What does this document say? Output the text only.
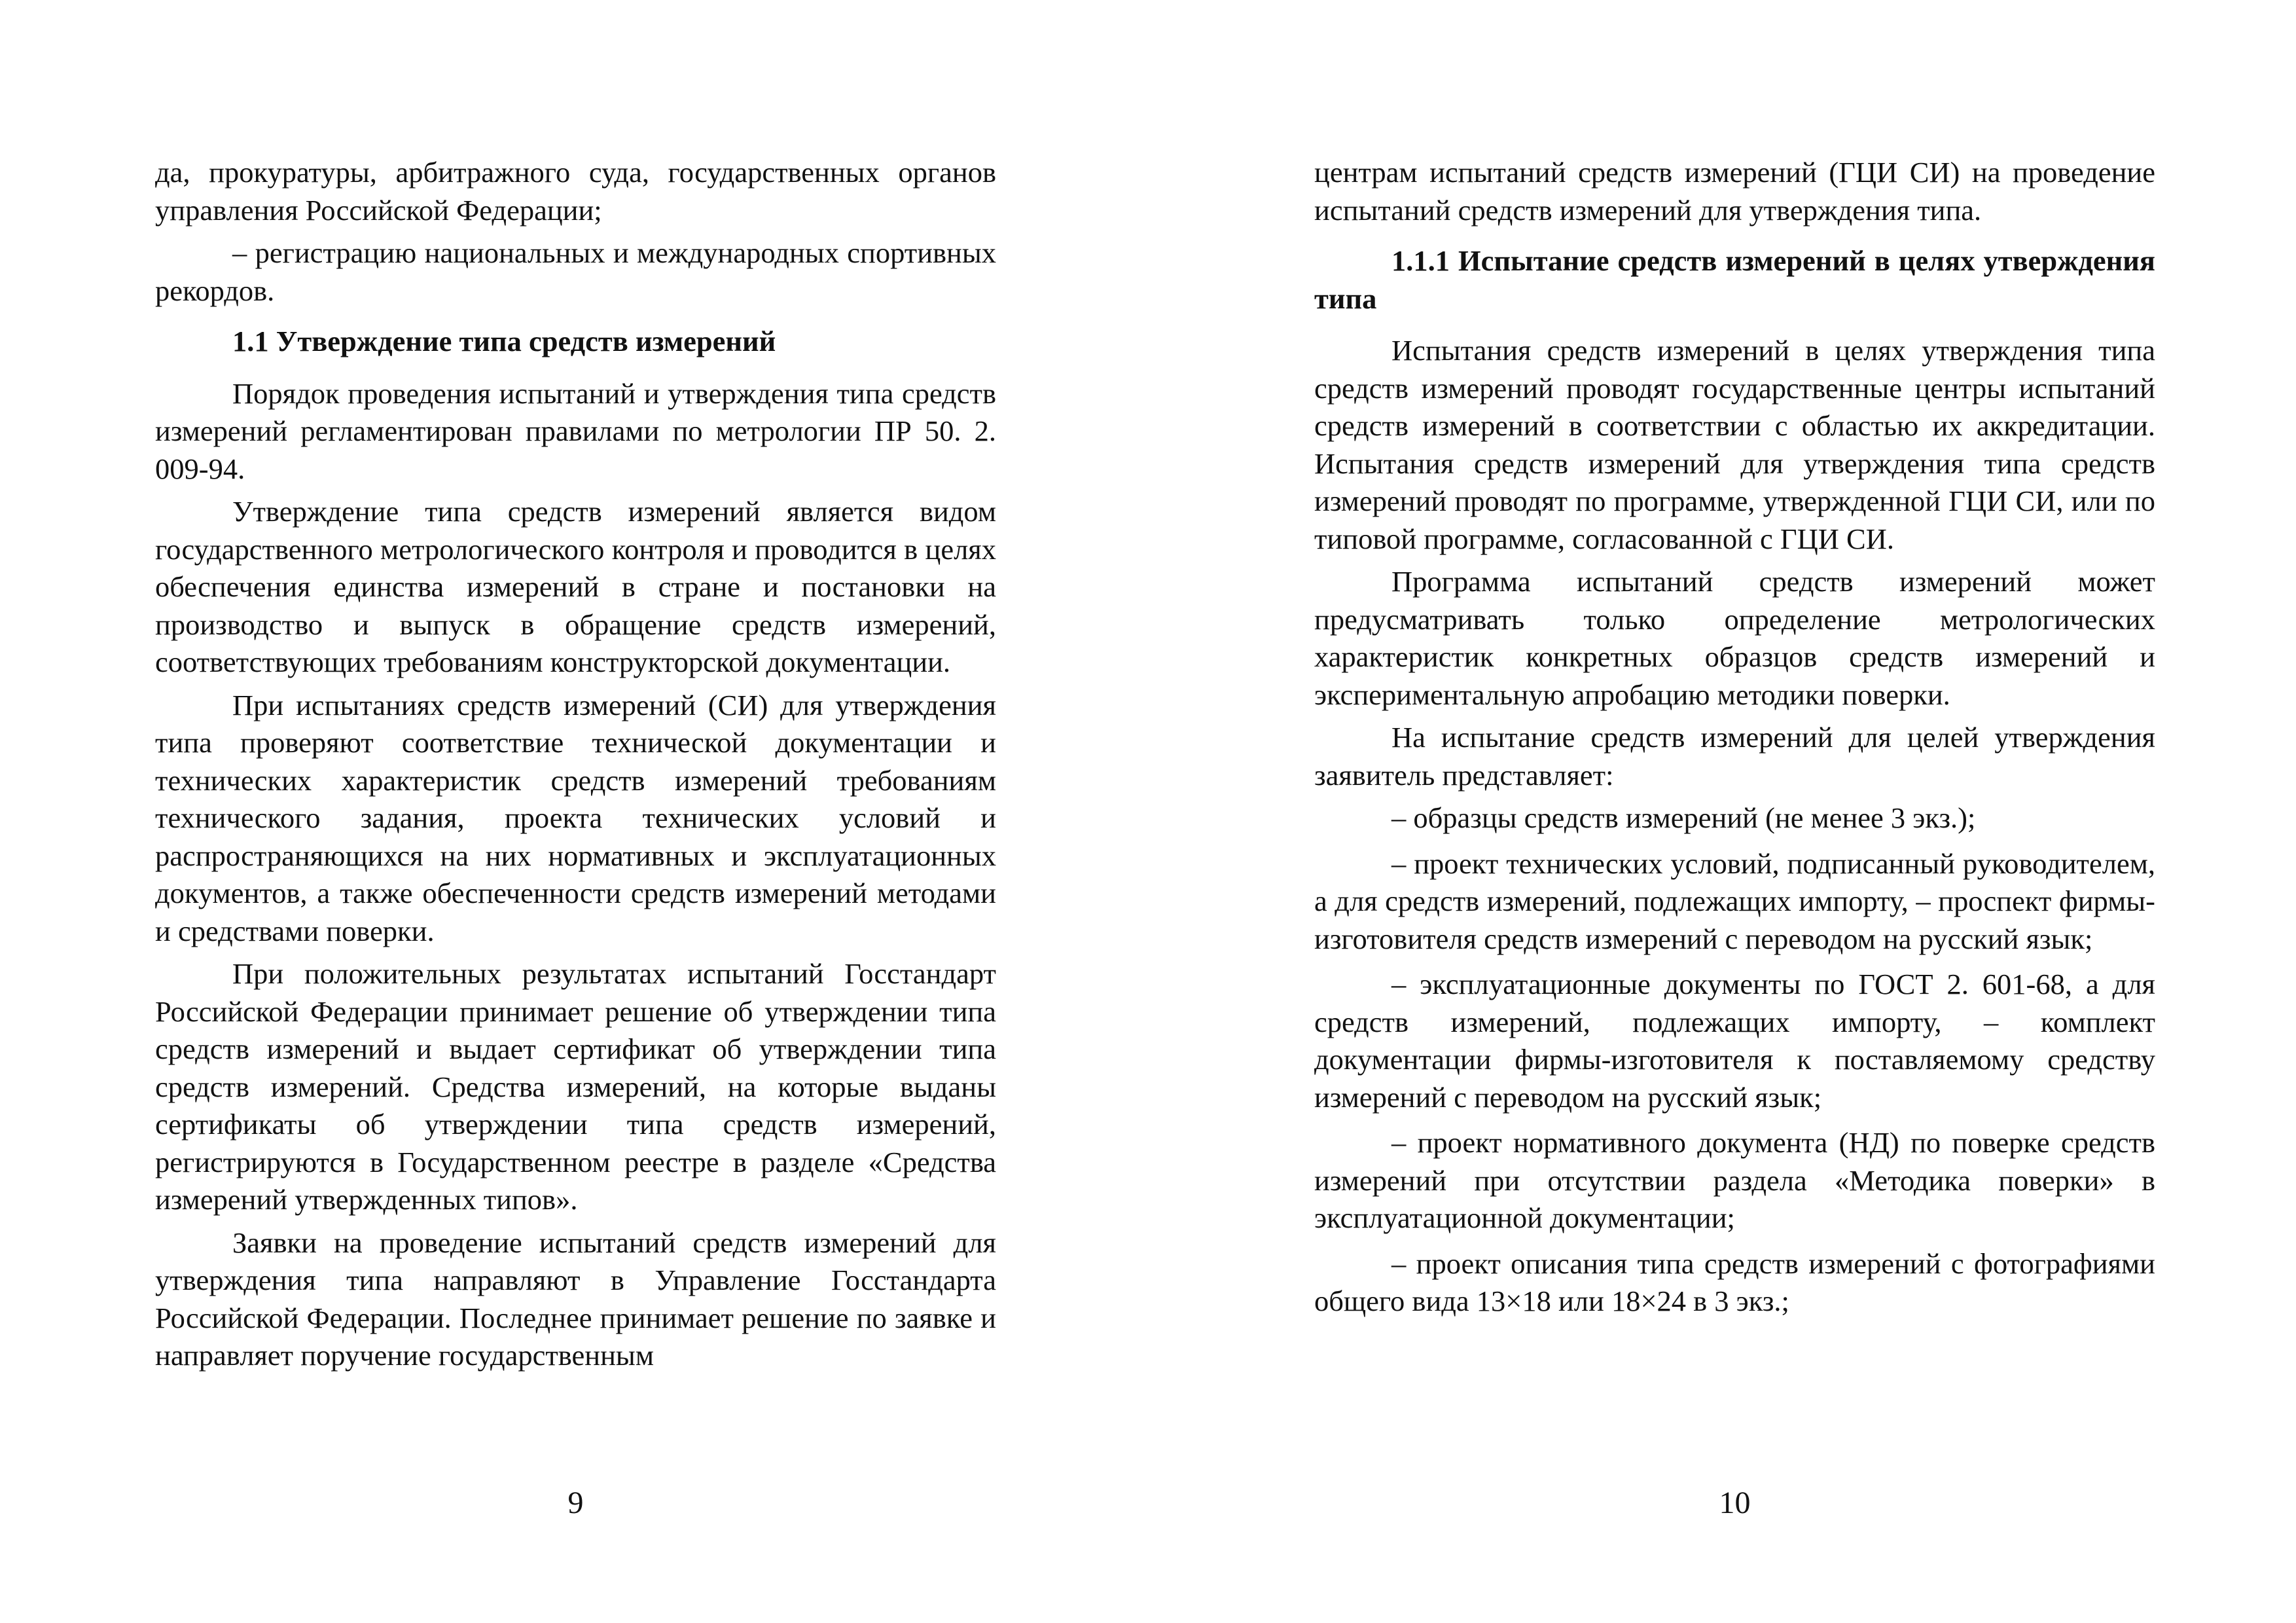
да, прокуратуры, арбитражного суда, государственных органов управления Российской Федерации;

– регистрацию национальных и международных спортивных рекордов.

1.1 Утверждение типа средств измерений

Порядок проведения испытаний и утверждения типа средств измерений регламентирован правилами по метрологии ПР 50. 2. 009-94.

Утверждение типа средств измерений является видом государственного метрологического контроля и проводится в целях обеспечения единства измерений в стране и постановки на производство и выпуск в обращение средств измерений, соответствующих требованиям конструкторской документации.

При испытаниях средств измерений (СИ) для утверждения типа проверяют соответствие технической документации и технических характеристик средств измерений требованиям технического задания, проекта технических условий и распространяющихся на них нормативных и эксплуатационных документов, а также обеспеченности средств измерений методами и средствами поверки.

При положительных результатах испытаний Госстандарт Российской Федерации принимает решение об утверждении типа средств измерений и выдает сертификат об утверждении типа средств измерений. Средства измерений, на которые выданы сертификаты об утверждении типа средств измерений, регистрируются в Государственном реестре в разделе «Средства измерений утвержденных типов».

Заявки на проведение испытаний средств измерений для утверждения типа направляют в Управление Госстандарта Российской Федерации. Последнее принимает решение по заявке и направляет поручение государственным

9

центрам испытаний средств измерений (ГЦИ СИ) на проведение испытаний средств измерений для утверждения типа.

1.1.1 Испытание средств измерений в целях утверждения типа

Испытания средств измерений в целях утверждения типа средств измерений проводят государственные центры испытаний средств измерений в соответствии с областью их аккредитации. Испытания средств измерений для утверждения типа средств измерений проводят по программе, утвержденной ГЦИ СИ, или по типовой программе, согласованной с ГЦИ СИ.

Программа испытаний средств измерений может предусматривать только определение метрологических характеристик конкретных образцов средств измерений и экспериментальную апробацию методики поверки.

На испытание средств измерений для целей утверждения заявитель представляет:

– образцы средств измерений (не менее 3 экз.);

– проект технических условий, подписанный руководителем, а для средств измерений, подлежащих импорту, – проспект фирмы-изготовителя средств измерений с переводом на русский язык;

– эксплуатационные документы по ГОСТ 2. 601-68, а для средств измерений, подлежащих импорту, – комплект документации фирмы-изготовителя к поставляемому средству измерений с переводом на русский язык;

– проект нормативного документа (НД) по поверке средств измерений при отсутствии раздела «Методика поверки» в эксплуатационной документации;

– проект описания типа средств измерений с фотографиями общего вида 13×18 или 18×24 в 3 экз.;

10
